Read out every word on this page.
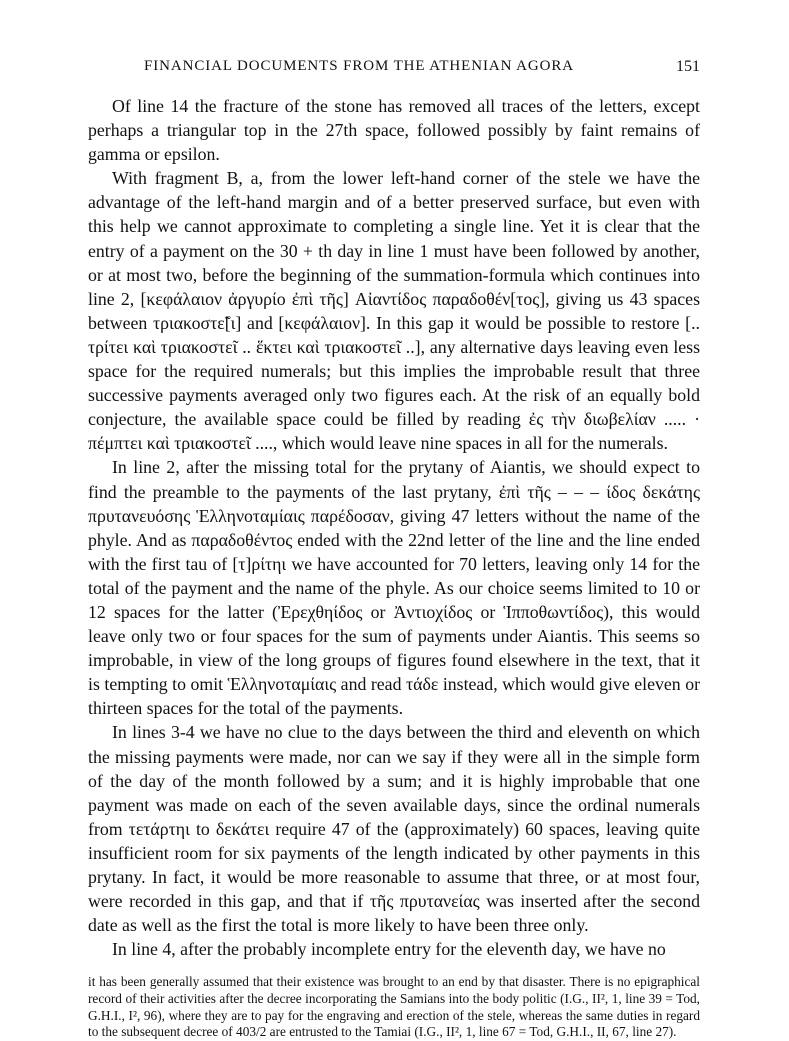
FINANCIAL DOCUMENTS FROM THE ATHENIAN AGORA	151

Of line 14 the fracture of the stone has removed all traces of the letters, except perhaps a triangular top in the 27th space, followed possibly by faint remains of gamma or epsilon.

With fragment B, a, from the lower left-hand corner of the stele we have the advantage of the left-hand margin and of a better preserved surface, but even with this help we cannot approximate to completing a single line. Yet it is clear that the entry of a payment on the 30 + th day in line 1 must have been followed by another, or at most two, before the beginning of the summation-formula which continues into line 2, [κεφάλαιον ἀργυρίο ἐπὶ τῆς] Αἰαντίδος παραδοθέν[τος], giving us 43 spaces between τριακοστε̃[ι] and [κεφάλαιον]. In this gap it would be possible to restore [.. τρίτει καὶ τριακοστε̃ι .. ἕκτει καὶ τριακοστε̃ι ..], any alternative days leaving even less space for the required numerals; but this implies the improbable result that three successive payments averaged only two figures each. At the risk of an equally bold conjecture, the available space could be filled by reading ἐς τὴν διωβελίαν ..... · πέμπτει καὶ τριακοστε̃ι ...., which would leave nine spaces in all for the numerals.

In line 2, after the missing total for the prytany of Aiantis, we should expect to find the preamble to the payments of the last prytany, ἐπὶ τῆς – – – ίδος δεκάτης πρυτανευόσης Ἑλληνοταμίαις παρέδοσαν, giving 47 letters without the name of the phyle. And as παραδοθέντος ended with the 22nd letter of the line and the line ended with the first tau of [τ]ρίτηι we have accounted for 70 letters, leaving only 14 for the total of the payment and the name of the phyle. As our choice seems limited to 10 or 12 spaces for the latter (Ἐρεχθηίδος or Ἀντιοχίδος or Ἱπποθωντίδος), this would leave only two or four spaces for the sum of payments under Aiantis. This seems so improbable, in view of the long groups of figures found elsewhere in the text, that it is tempting to omit Ἑλληνοταμίαις and read τάδε instead, which would give eleven or thirteen spaces for the total of the payments.

In lines 3-4 we have no clue to the days between the third and eleventh on which the missing payments were made, nor can we say if they were all in the simple form of the day of the month followed by a sum; and it is highly improbable that one payment was made on each of the seven available days, since the ordinal numerals from τετάρτηι to δεκάτει require 47 of the (approximately) 60 spaces, leaving quite insufficient room for six payments of the length indicated by other payments in this prytany. In fact, it would be more reasonable to assume that three, or at most four, were recorded in this gap, and that if τῆς πρυτανείας was inserted after the second date as well as the first the total is more likely to have been three only.

In line 4, after the probably incomplete entry for the eleventh day, we have no

it has been generally assumed that their existence was brought to an end by that disaster. There is no epigraphical record of their activities after the decree incorporating the Samians into the body politic (I.G., II², 1, line 39 = Tod, G.H.I., I², 96), where they are to pay for the engraving and erection of the stele, whereas the same duties in regard to the subsequent decree of 403/2 are entrusted to the Tamiai (I.G., II², 1, line 67 = Tod, G.H.I., II, 67, line 27).
